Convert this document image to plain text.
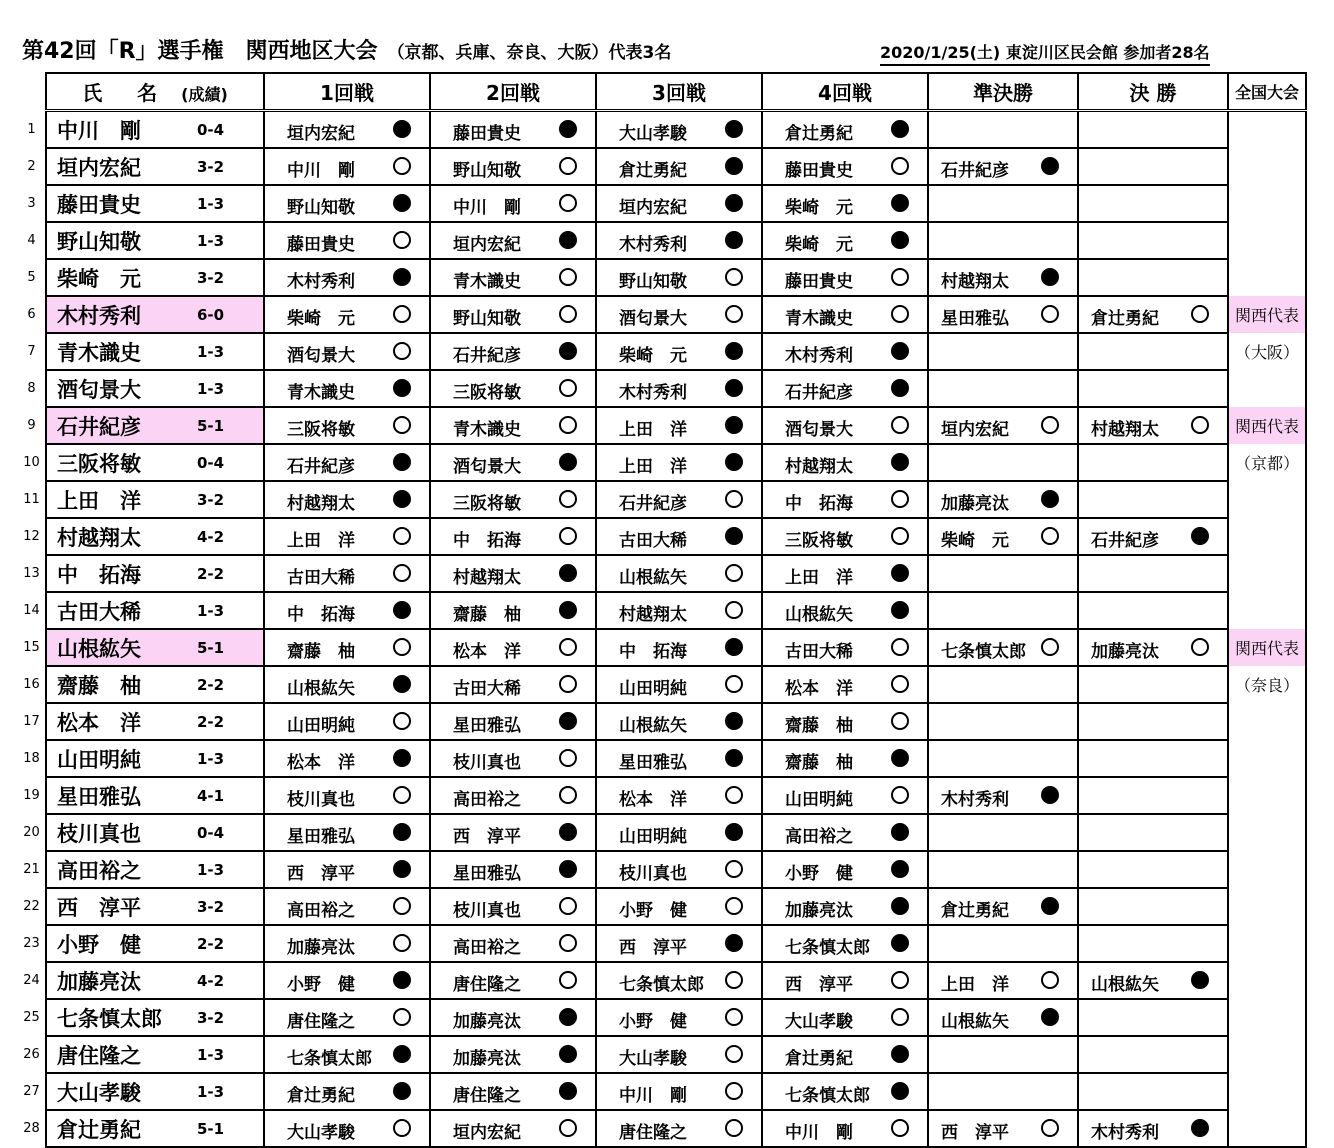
第42回「R」選手権　関西地区大会 （京都、兵庫、奈良、大阪）代表3名	2020/1/25(土) 東淀川区民会館 参加者28名
	氏 名 (成績)	1回戦	2回戦	3回戦	4回戦	準決勝	決 勝	全国大会
1	中川　剛 0-4	垣内宏紀	藤田貴史	大山孝駿	倉辻勇紀			

2	垣内宏紀 3-2	中川　剛	野山知敬	倉辻勇紀	藤田貴史	石井紀彦		

3	藤田貴史 1-3	野山知敬	中川　剛	垣内宏紀	柴崎　元			

4	野山知敬 1-3	藤田貴史	垣内宏紀	木村秀利	柴崎　元			

5	柴崎　元 3-2	木村秀利	青木識史	野山知敬	藤田貴史	村越翔太		

6	木村秀利 6-0	柴崎　元	野山知敬	酒匂景大	青木識史	星田雅弘	倉辻勇紀	関西代表
7	青木識史 1-3	酒匂景大	石井紀彦	柴崎　元	木村秀利			（大阪）
8	酒匂景大 1-3	青木識史	三阪将敏	木村秀利	石井紀彦			

9	石井紀彦 5-1	三阪将敏	青木識史	上田　洋	酒匂景大	垣内宏紀	村越翔太	関西代表
10	三阪将敏 0-4	石井紀彦	酒匂景大	上田　洋	村越翔太			（京都）
11	上田　洋 3-2	村越翔太	三阪将敏	石井紀彦	中　拓海	加藤亮汰		

12	村越翔太 4-2	上田　洋	中　拓海	古田大稀	三阪将敏	柴崎　元	石井紀彦	

13	中　拓海 2-2	古田大稀	村越翔太	山根紘矢	上田　洋			

14	古田大稀 1-3	中　拓海	齋藤　柚	村越翔太	山根紘矢			

15	山根紘矢 5-1	齋藤　柚	松本　洋	中　拓海	古田大稀	七条慎太郎	加藤亮汰	関西代表
16	齋藤　柚 2-2	山根紘矢	古田大稀	山田明純	松本　洋			（奈良）
17	松本　洋 2-2	山田明純	星田雅弘	山根紘矢	齋藤　柚			

18	山田明純 1-3	松本　洋	枝川真也	星田雅弘	齋藤　柚			

19	星田雅弘 4-1	枝川真也	高田裕之	松本　洋	山田明純	木村秀利		

20	枝川真也 0-4	星田雅弘	西　淳平	山田明純	高田裕之			

21	高田裕之 1-3	西　淳平	星田雅弘	枝川真也	小野　健			

22	西　淳平 3-2	高田裕之	枝川真也	小野　健	加藤亮汰	倉辻勇紀		

23	小野　健 2-2	加藤亮汰	高田裕之	西　淳平	七条慎太郎			

24	加藤亮汰 4-2	小野　健	唐住隆之	七条慎太郎	西　淳平	上田　洋	山根紘矢	

25	七条慎太郎 3-2	唐住隆之	加藤亮汰	小野　健	大山孝駿	山根紘矢		

26	唐住隆之 1-3	七条慎太郎	加藤亮汰	大山孝駿	倉辻勇紀			

27	大山孝駿 1-3	倉辻勇紀	唐住隆之	中川　剛	七条慎太郎			

28	倉辻勇紀 5-1	大山孝駿	垣内宏紀	唐住隆之	中川　剛	西　淳平	木村秀利	
